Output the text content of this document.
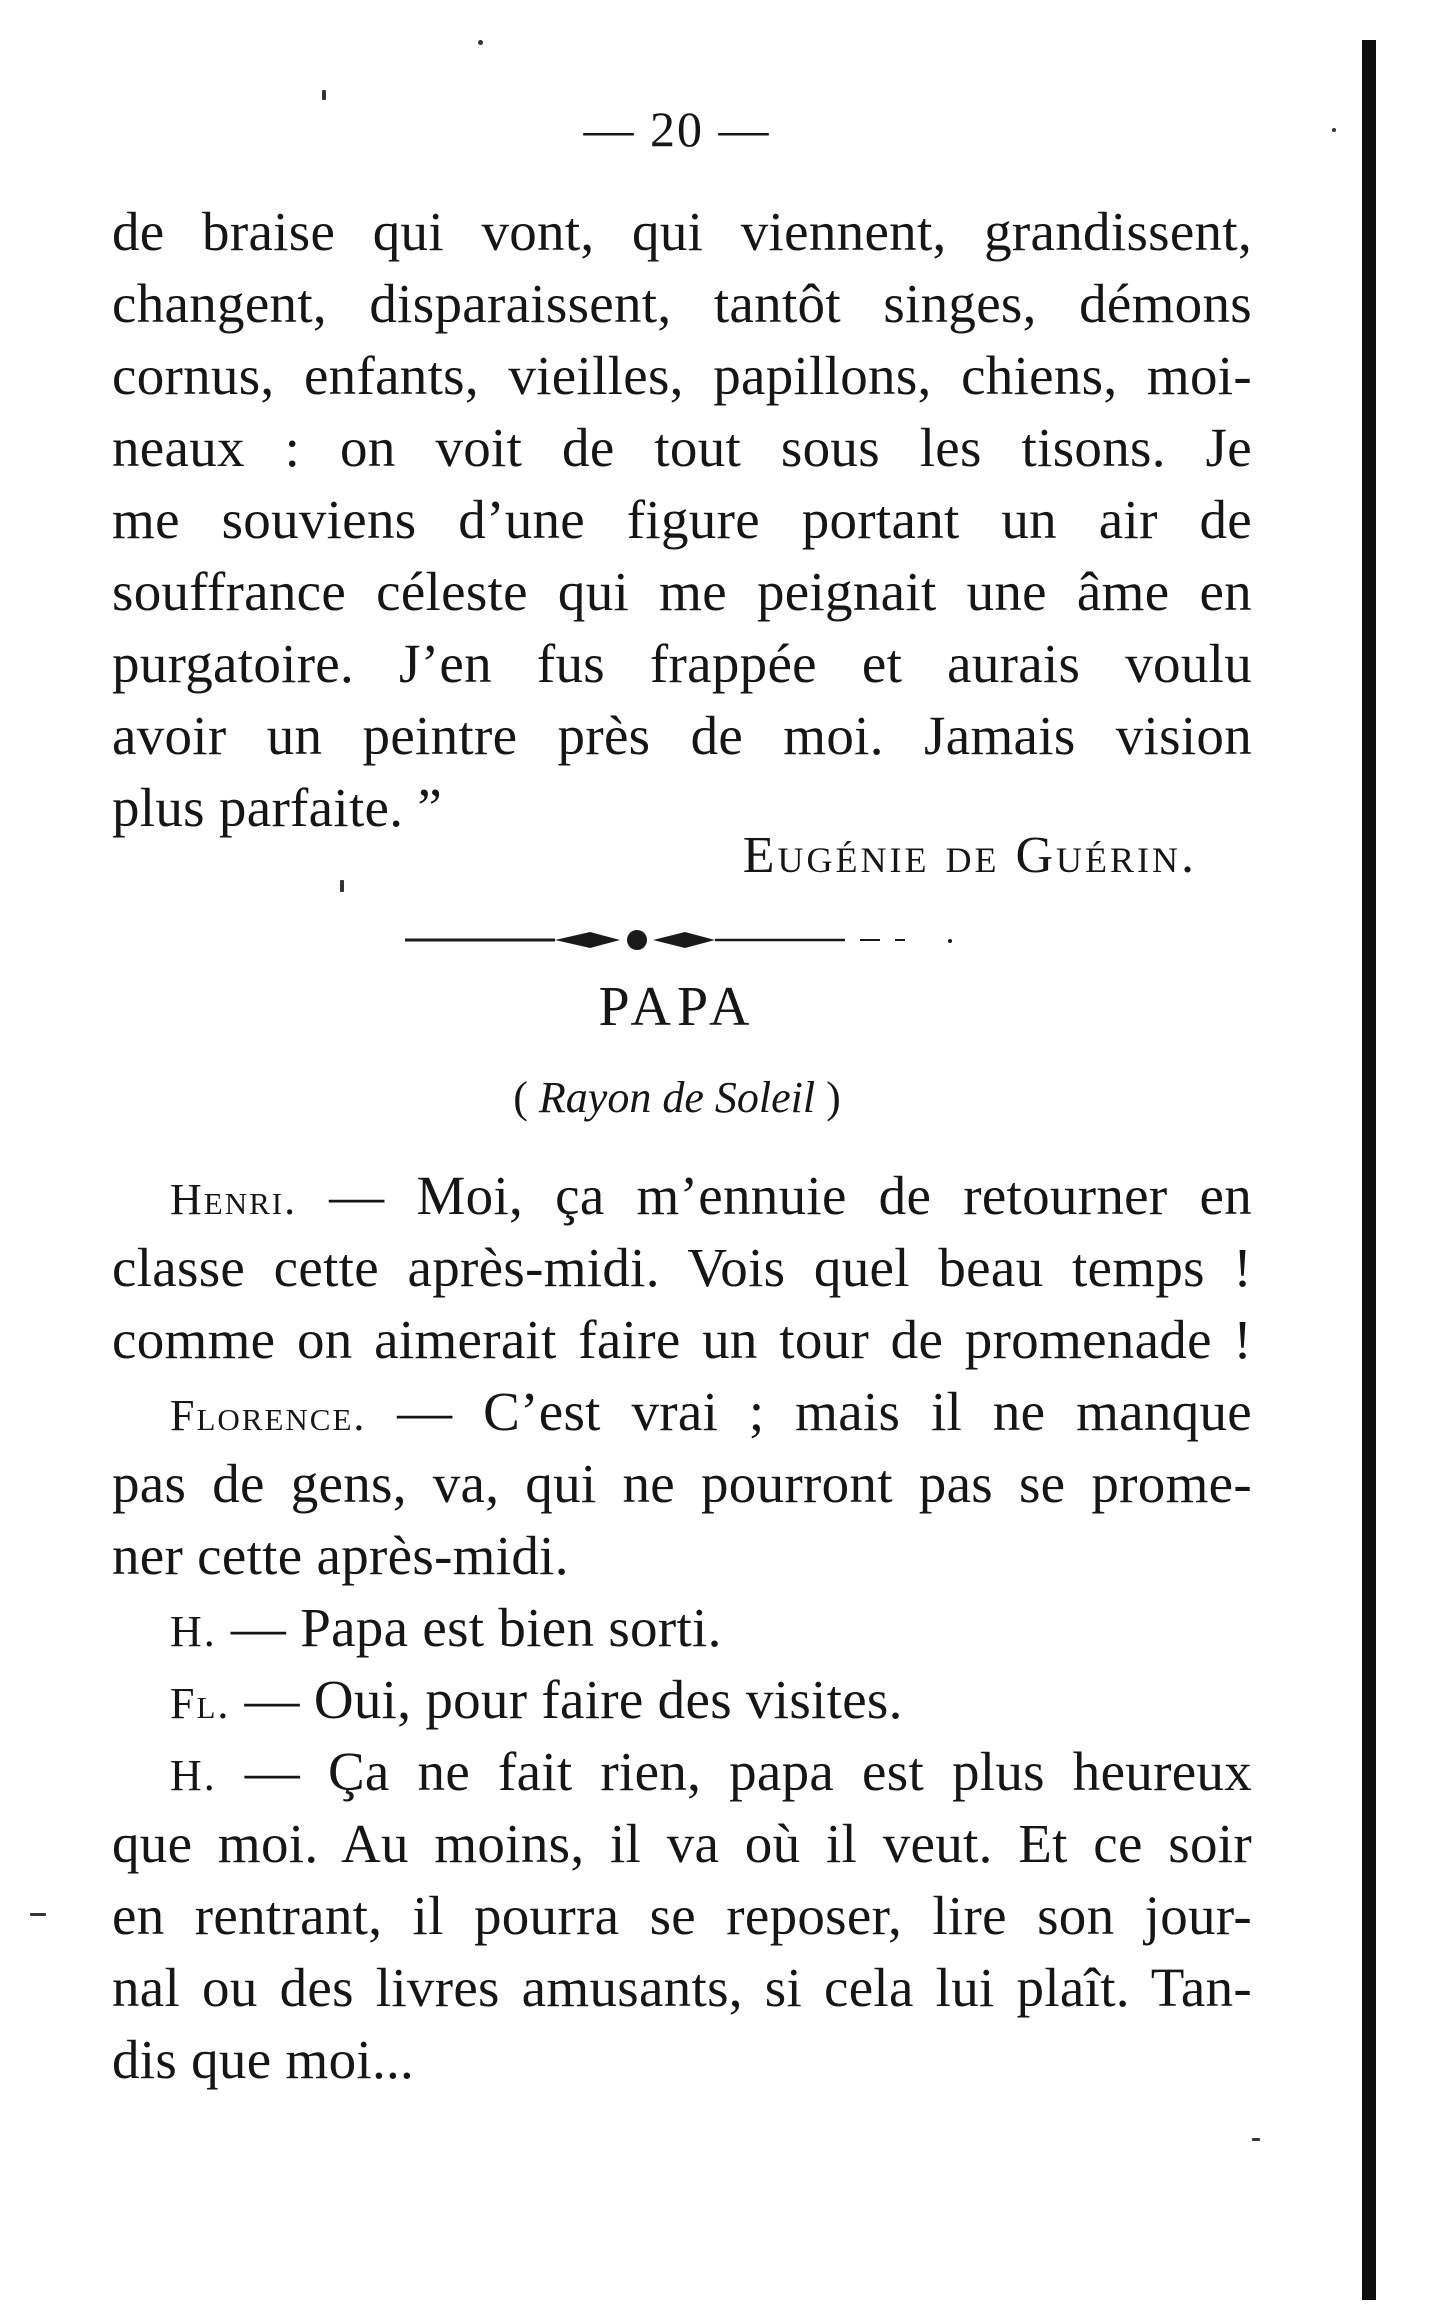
— 20 —
de braise qui vont, qui viennent, grandissent,
changent, disparaissent, tantôt singes, démons
cornus, enfants, vieilles, papillons, chiens, moi-
neaux : on voit de tout sous les tisons. Je
me souviens d’une figure portant un air de
souffrance céleste qui me peignait une âme en
purgatoire. J’en fus frappée et aurais voulu
avoir un peintre près de moi. Jamais vision
plus parfaite. ”
Eugénie de Guérin.
PAPA
( Rayon de Soleil )
Henri. — Moi, ça m’ennuie de retourner en
classe cette après-midi. Vois quel beau temps !
comme on aimerait faire un tour de promenade !
Florence. — C’est vrai ; mais il ne manque
pas de gens, va, qui ne pourront pas se prome-
ner cette après-midi.
H. — Papa est bien sorti.
Fl. — Oui, pour faire des visites.
H. — Ça ne fait rien, papa est plus heureux
que moi. Au moins, il va où il veut. Et ce soir
en rentrant, il pourra se reposer, lire son jour-
nal ou des livres amusants, si cela lui plaît. Tan-
dis que moi...
